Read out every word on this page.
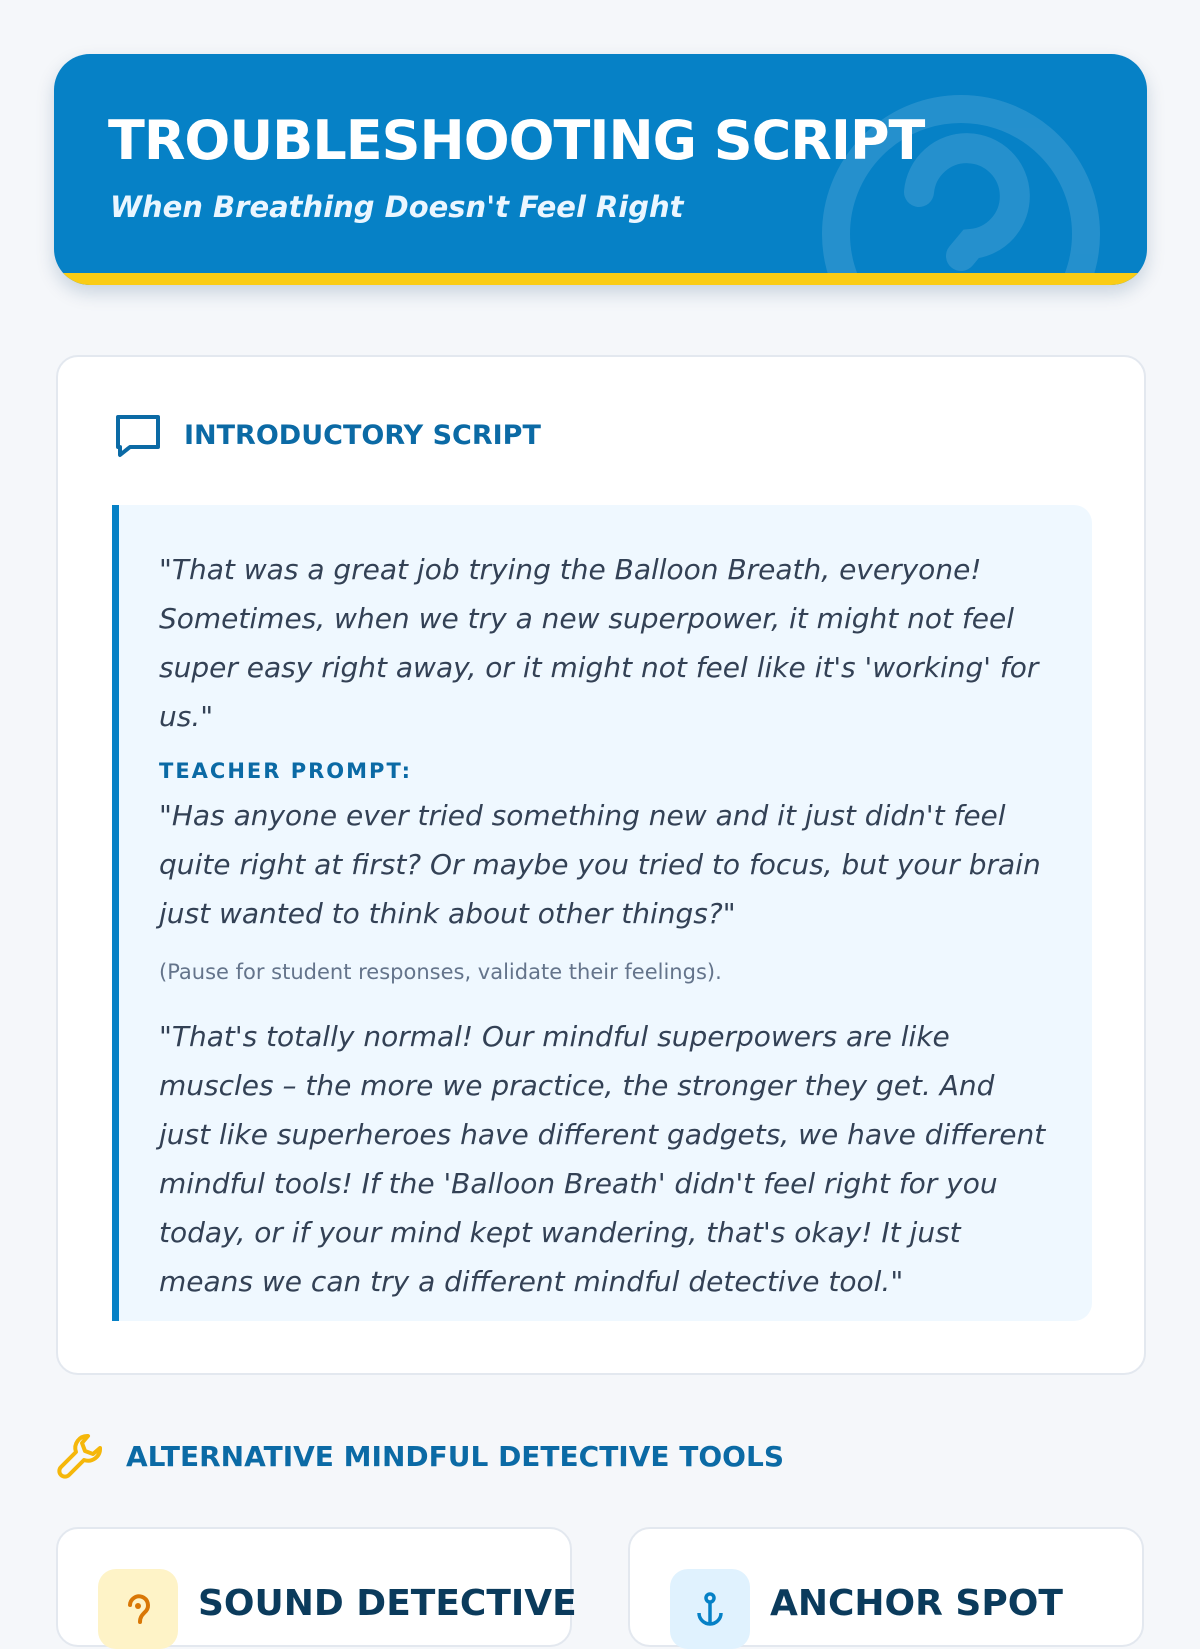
TROUBLESHOOTING SCRIPT

When Breathing Doesn't Feel Right

INTRODUCTORY SCRIPT

"That was a great job trying the Balloon Breath, everyone! Sometimes, when we try a new superpower, it might not feel super easy right away, or it might not feel like it's 'working' for us."

TEACHER PROMPT:

"Has anyone ever tried something new and it just didn't feel quite right at first? Or maybe you tried to focus, but your brain just wanted to think about other things?"

(Pause for student responses, validate their feelings).

"That's totally normal! Our mindful superpowers are like muscles – the more we practice, the stronger they get. And just like superheroes have different gadgets, we have different mindful tools! If the 'Balloon Breath' didn't feel right for you today, or if your mind kept wandering, that's okay! It just means we can try a different mindful detective tool."

ALTERNATIVE MINDFUL DETECTIVE TOOLS
SOUND DETECTIVE	ANCHOR SPOT
